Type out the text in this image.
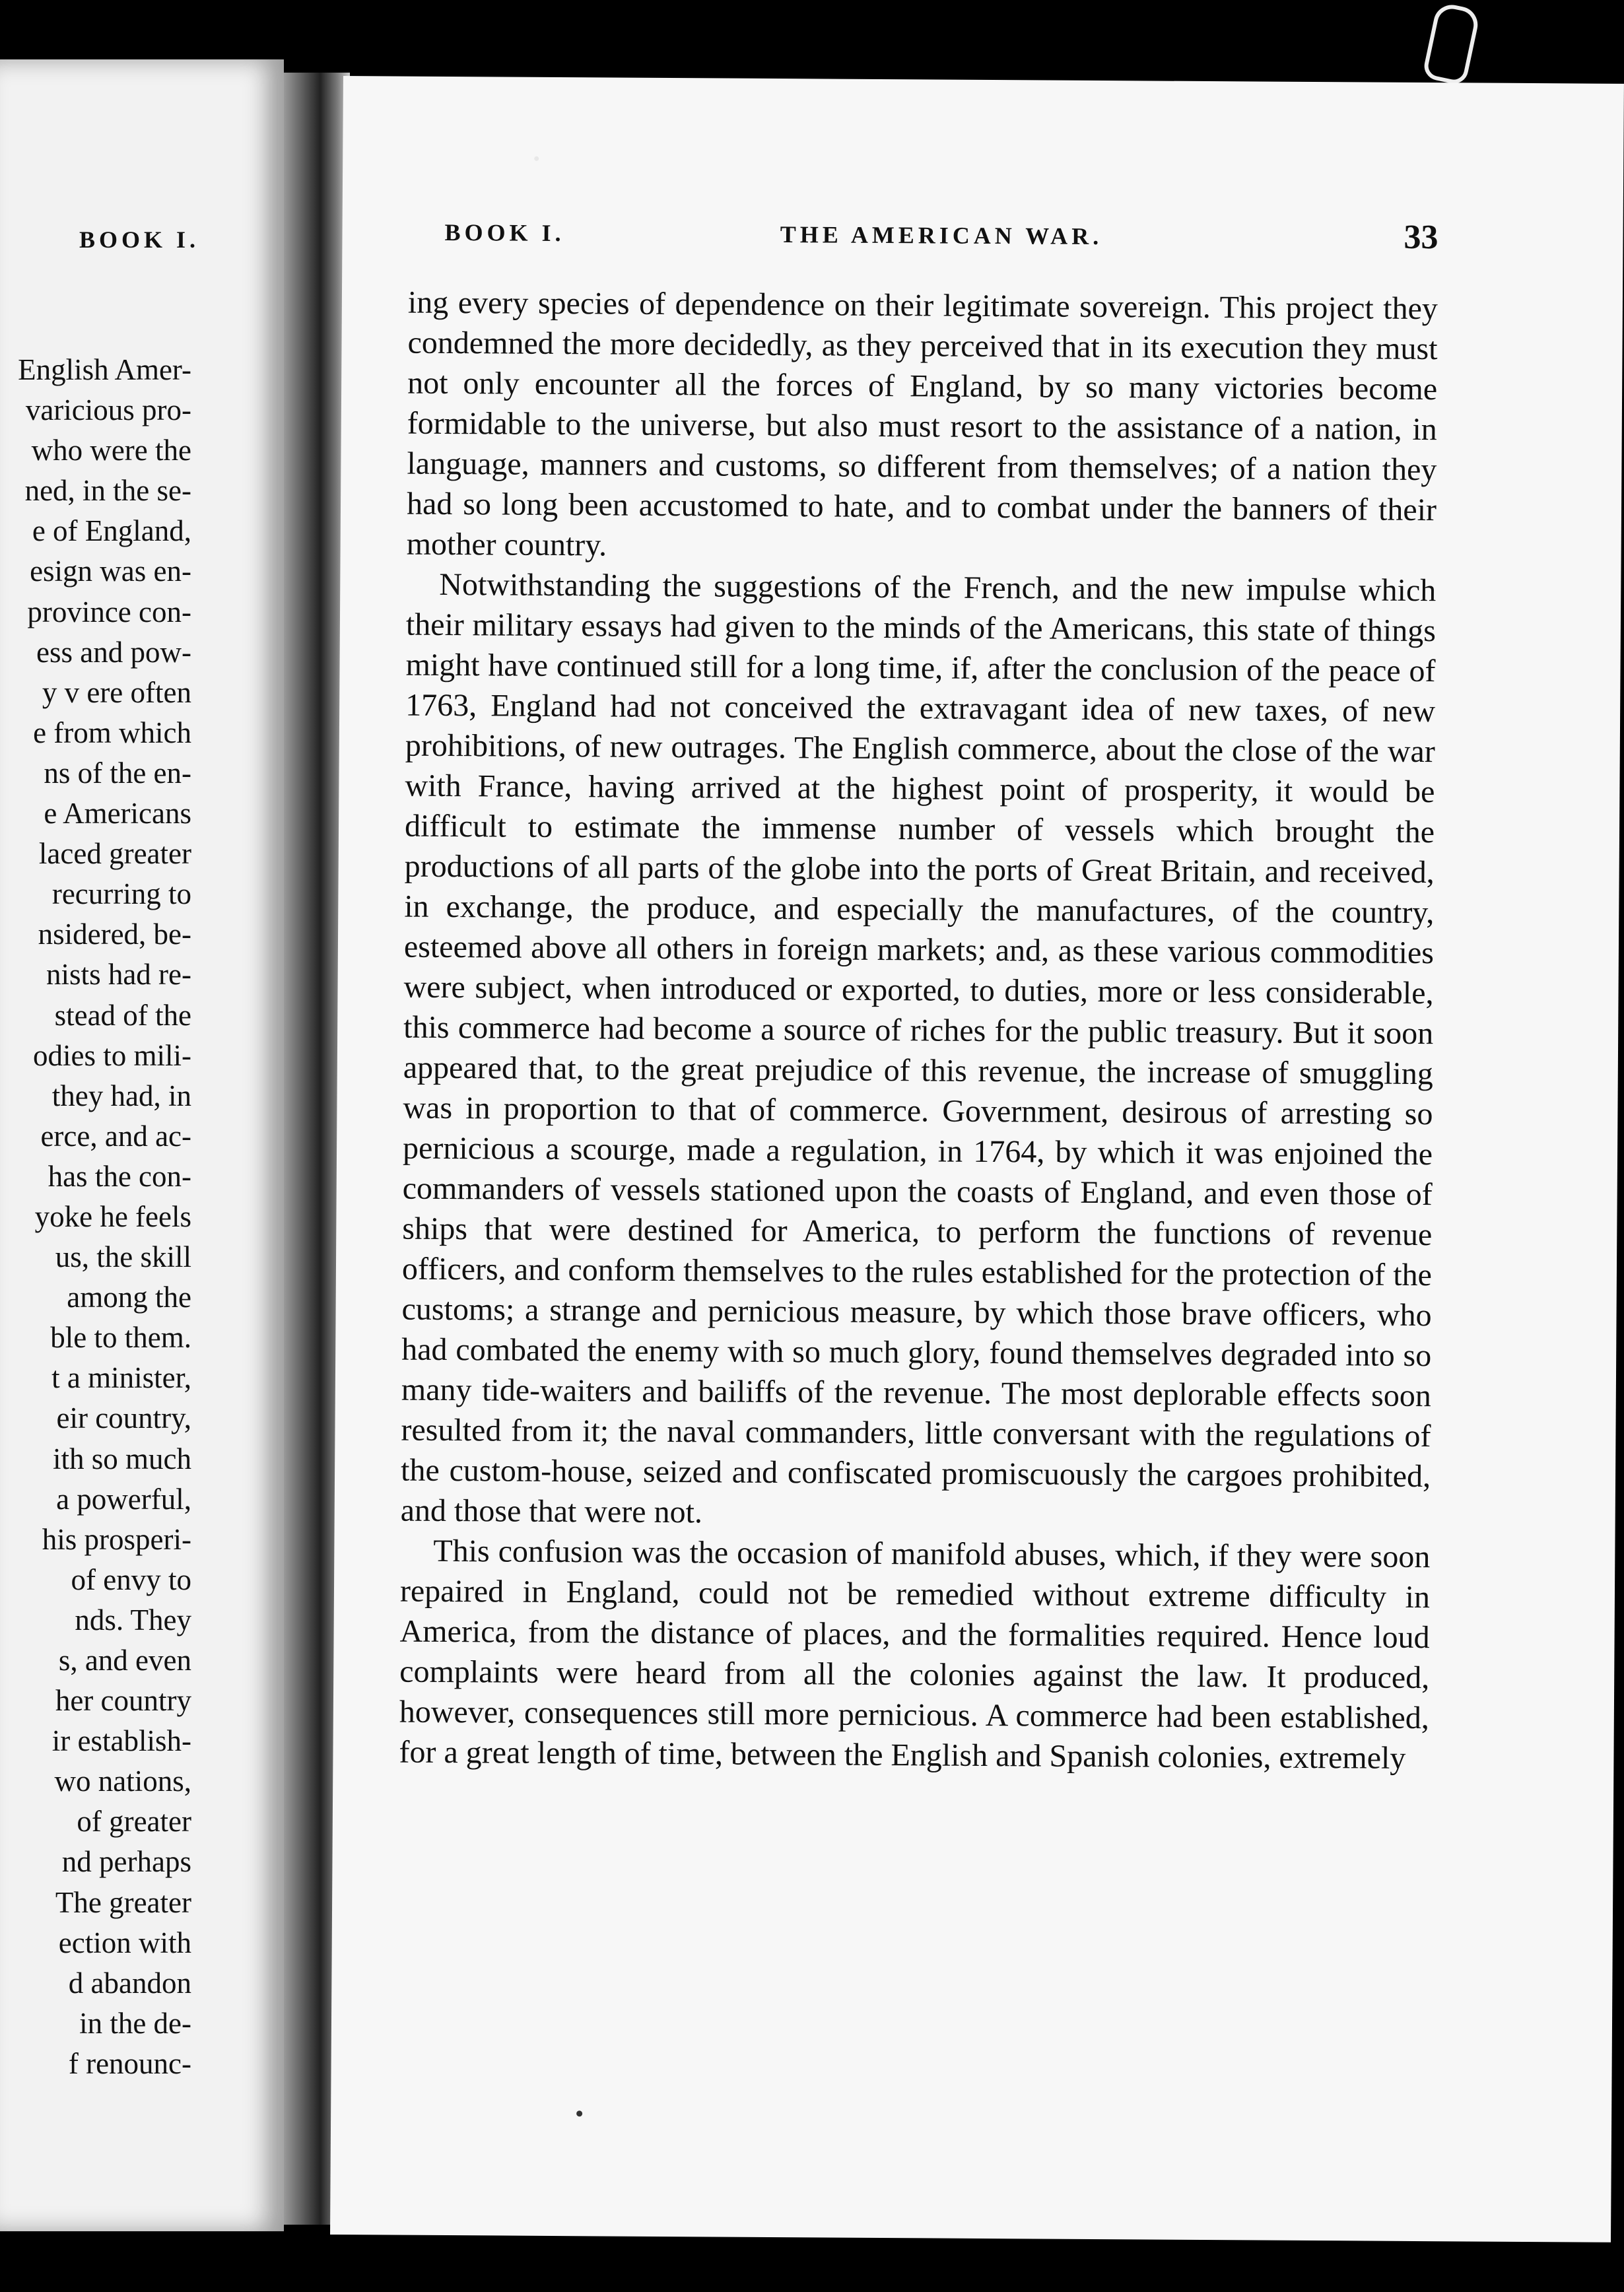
BOOK I.
English Amer-
varicious pro-
who were the
ned, in the se-
e of England,
esign was en-
province con-
ess and pow-
y v ere often
e from which
ns of the en-
e Americans
laced greater
recurring to
nsidered, be-
nists had re-
stead of the
odies to mili-
they had, in
erce, and ac-
has the con-
yoke he feels
us, the skill
among the
ble to them.
t a minister,
eir country,
ith so much
a powerful,
his prosperi-
of envy to
nds. They
s, and even
her country
ir establish-
wo nations,
of greater
nd perhaps
The greater
ection with
d abandon
in the de-
f renounc-
BOOK I.	THE AMERICAN WAR.	33

ing every species of dependence on their legitimate sovereign. This project they condemned the more decidedly, as they perceived that in its execution they must not only encounter all the forces of England, by so many victories become formidable to the universe, but also must resort to the assistance of a nation, in language, manners and customs, so different from themselves; of a nation they had so long been accustomed to hate, and to combat under the banners of their mother country.

Notwithstanding the suggestions of the French, and the new impulse which their military essays had given to the minds of the Americans, this state of things might have continued still for a long time, if, after the conclusion of the peace of 1763, England had not conceived the extravagant idea of new taxes, of new prohibitions, of new outrages. The English commerce, about the close of the war with France, having arrived at the highest point of prosperity, it would be difficult to estimate the immense number of vessels which brought the productions of all parts of the globe into the ports of Great Britain, and received, in exchange, the produce, and especially the manufactures, of the country, esteemed above all others in foreign markets; and, as these various commodities were subject, when introduced or exported, to duties, more or less considerable, this commerce had become a source of riches for the public treasury. But it soon appeared that, to the great prejudice of this revenue, the increase of smuggling was in proportion to that of commerce. Government, desirous of arresting so pernicious a scourge, made a regulation, in 1764, by which it was enjoined the commanders of vessels stationed upon the coasts of England, and even those of ships that were destined for America, to perform the functions of revenue officers, and conform themselves to the rules established for the protection of the customs; a strange and pernicious measure, by which those brave officers, who had combated the enemy with so much glory, found themselves degraded into so many tide-waiters and bailiffs of the revenue. The most deplorable effects soon resulted from it; the naval commanders, little conversant with the regulations of the custom-house, seized and confiscated promiscuously the cargoes prohibited, and those that were not.

This confusion was the occasion of manifold abuses, which, if they were soon repaired in England, could not be remedied without extreme difficulty in America, from the distance of places, and the formalities required. Hence loud complaints were heard from all the colonies against the law. It produced, however, consequences still more pernicious. A commerce had been established, for a great length of time, between the English and Spanish colonies, extremely
